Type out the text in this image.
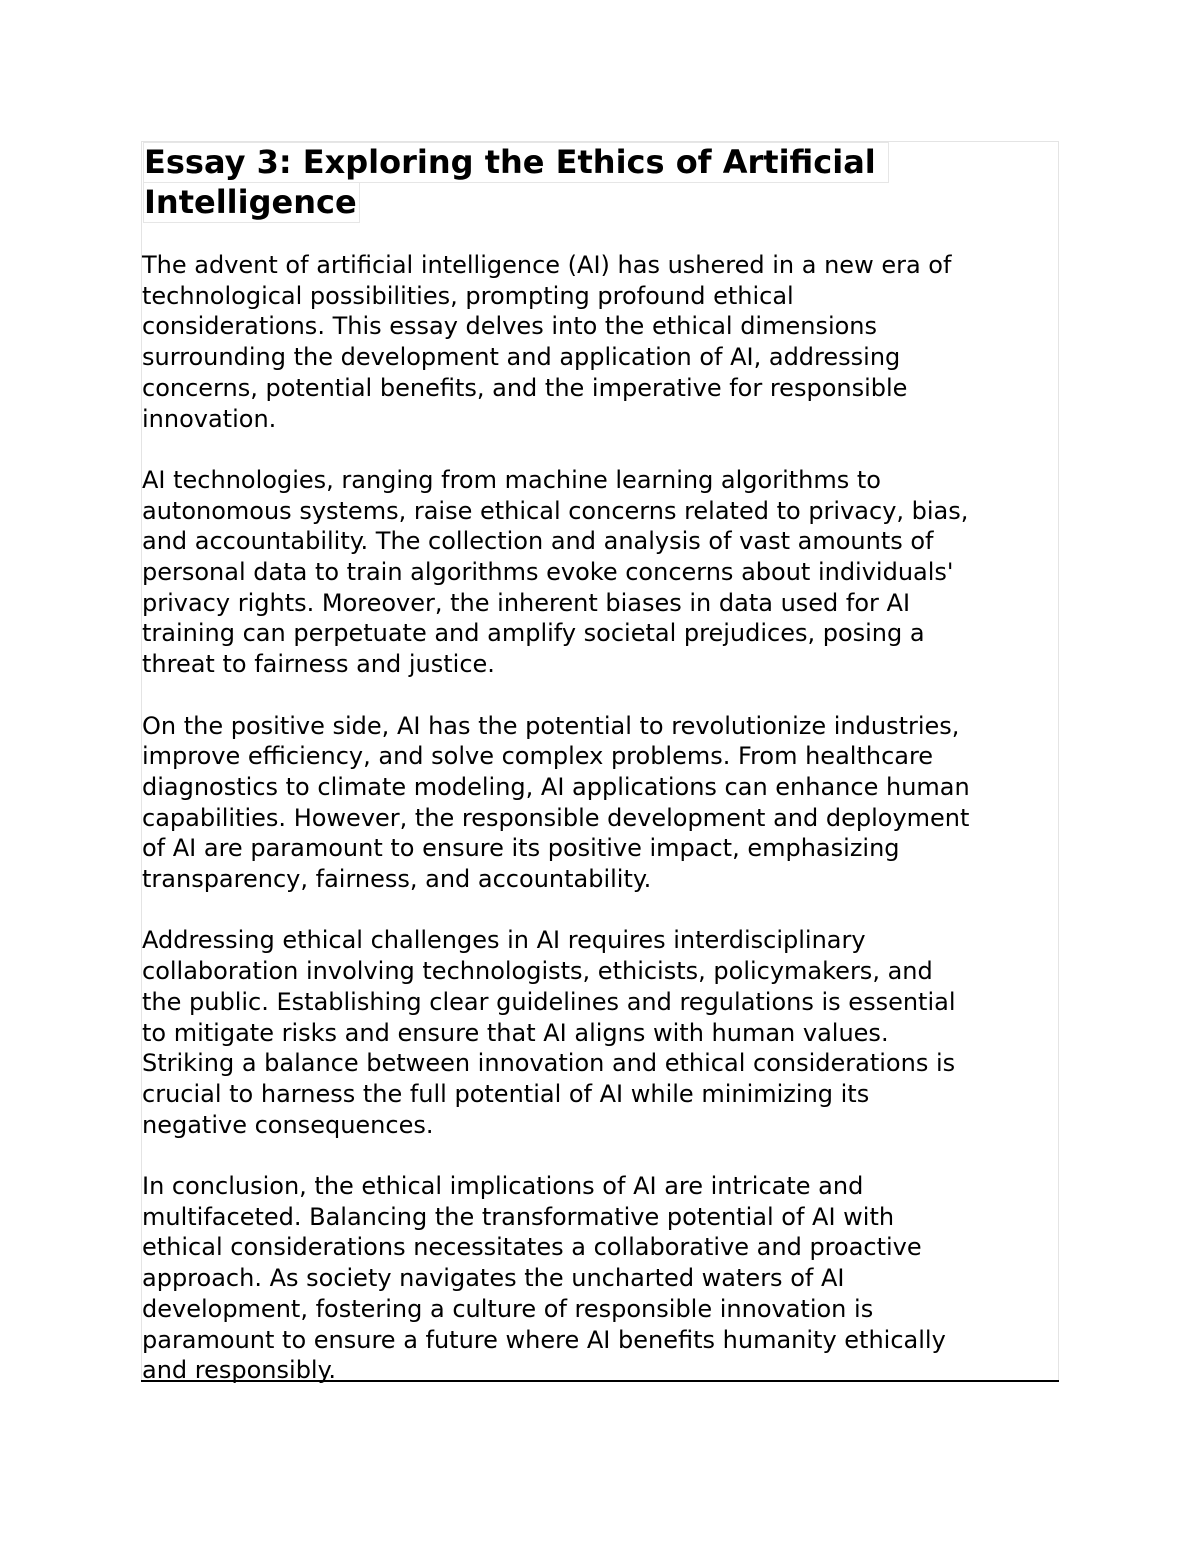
Essay 3: Exploring the Ethics of Artificial
Intelligence

The advent of artificial intelligence (AI) has ushered in a new era of
technological possibilities, prompting profound ethical
considerations. This essay delves into the ethical dimensions
surrounding the development and application of AI, addressing
concerns, potential benefits, and the imperative for responsible
innovation.

AI technologies, ranging from machine learning algorithms to
autonomous systems, raise ethical concerns related to privacy, bias,
and accountability. The collection and analysis of vast amounts of
personal data to train algorithms evoke concerns about individuals'
privacy rights. Moreover, the inherent biases in data used for AI
training can perpetuate and amplify societal prejudices, posing a
threat to fairness and justice.

On the positive side, AI has the potential to revolutionize industries,
improve efficiency, and solve complex problems. From healthcare
diagnostics to climate modeling, AI applications can enhance human
capabilities. However, the responsible development and deployment
of AI are paramount to ensure its positive impact, emphasizing
transparency, fairness, and accountability.

Addressing ethical challenges in AI requires interdisciplinary
collaboration involving technologists, ethicists, policymakers, and
the public. Establishing clear guidelines and regulations is essential
to mitigate risks and ensure that AI aligns with human values.
Striking a balance between innovation and ethical considerations is
crucial to harness the full potential of AI while minimizing its
negative consequences.

In conclusion, the ethical implications of AI are intricate and
multifaceted. Balancing the transformative potential of AI with
ethical considerations necessitates a collaborative and proactive
approach. As society navigates the uncharted waters of AI
development, fostering a culture of responsible innovation is
paramount to ensure a future where AI benefits humanity ethically
and responsibly.
